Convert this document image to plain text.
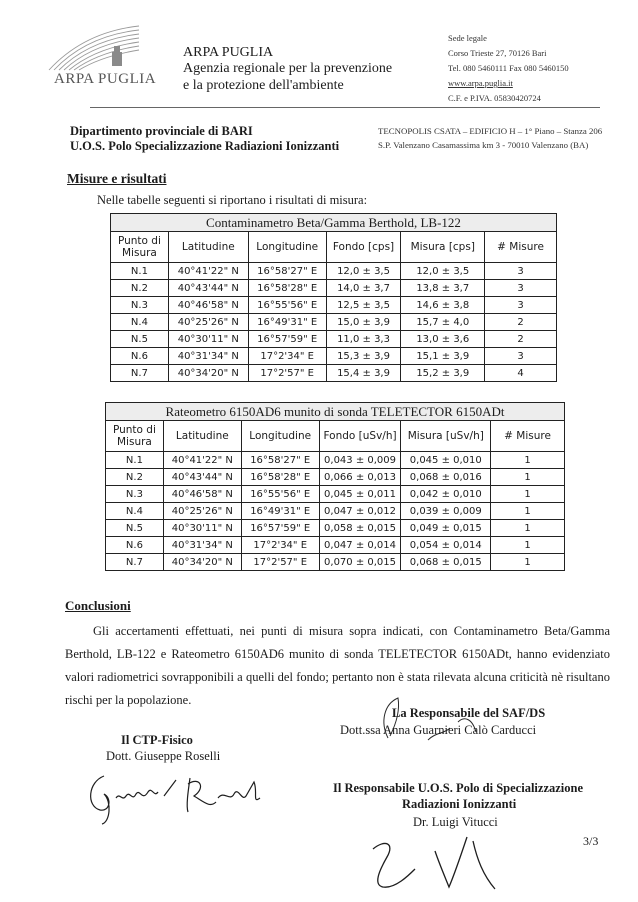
ARPA PUGLIA
ARPA PUGLIA
Agenzia regionale per la prevenzione
e la protezione dell'ambiente
Sede legale
Corso Trieste 27, 70126 Bari
Tel. 080 5460111 Fax 080 5460150
www.arpa.puglia.it
C.F. e P.IVA. 05830420724
Dipartimento provinciale di BARI
U.O.S. Polo Specializzazione Radiazioni Ionizzanti
TECNOPOLIS CSATA – EDIFICIO H – 1° Piano – Stanza 206
S.P. Valenzano Casamassima km 3 - 70010 Valenzano (BA)
Misure e risultati
Nelle tabelle seguenti si riportano i risultati di misura:
Contaminametro Beta/Gamma Berthold, LB-122					
Punto di Misura	Latitudine	Longitudine	Fondo [cps]	Misura [cps]	# Misure
N.1	40°41'22" N	16°58'27" E	12,0 ± 3,5	12,0 ± 3,5	3
N.2	40°43'44" N	16°58'28" E	14,0 ± 3,7	13,8 ± 3,7	3
N.3	40°46'58" N	16°55'56" E	12,5 ± 3,5	14,6 ± 3,8	3
N.4	40°25'26" N	16°49'31" E	15,0 ± 3,9	15,7 ± 4,0	2
N.5	40°30'11" N	16°57'59" E	11,0 ± 3,3	13,0 ± 3,6	2
N.6	40°31'34" N	17°2'34" E	15,3 ± 3,9	15,1 ± 3,9	3
N.7	40°34'20" N	17°2'57" E	15,4 ± 3,9	15,2 ± 3,9	4
Rateometro 6150AD6 munito di sonda TELETECTOR 6150ADt					
Punto di Misura	Latitudine	Longitudine	Fondo [uSv/h]	Misura [uSv/h]	# Misure
N.1	40°41'22" N	16°58'27" E	0,043 ± 0,009	0,045 ± 0,010	1
N.2	40°43'44" N	16°58'28" E	0,066 ± 0,013	0,068 ± 0,016	1
N.3	40°46'58" N	16°55'56" E	0,045 ± 0,011	0,042 ± 0,010	1
N.4	40°25'26" N	16°49'31" E	0,047 ± 0,012	0,039 ± 0,009	1
N.5	40°30'11" N	16°57'59" E	0,058 ± 0,015	0,049 ± 0,015	1
N.6	40°31'34" N	17°2'34" E	0,047 ± 0,014	0,054 ± 0,014	1
N.7	40°34'20" N	17°2'57" E	0,070 ± 0,015	0,068 ± 0,015	1
Conclusioni
Gli accertamenti effettuati, nei punti di misura sopra indicati, con Contaminametro Beta/Gamma Berthold, LB-122 e Rateometro 6150AD6 munito di sonda TELETECTOR 6150ADt, hanno evidenziato valori radiometrici sovrapponibili a quelli del fondo; pertanto non è stata rilevata alcuna criticità nè risultano rischi per la popolazione.
La Responsabile del SAF/DS
Dott.ssa Anna Guarnieri Calò Carducci
Il CTP-Fisico
Dott. Giuseppe Roselli
Il Responsabile U.O.S. Polo di Specializzazione
Radiazioni Ionizzanti
Dr. Luigi Vitucci
3/3
